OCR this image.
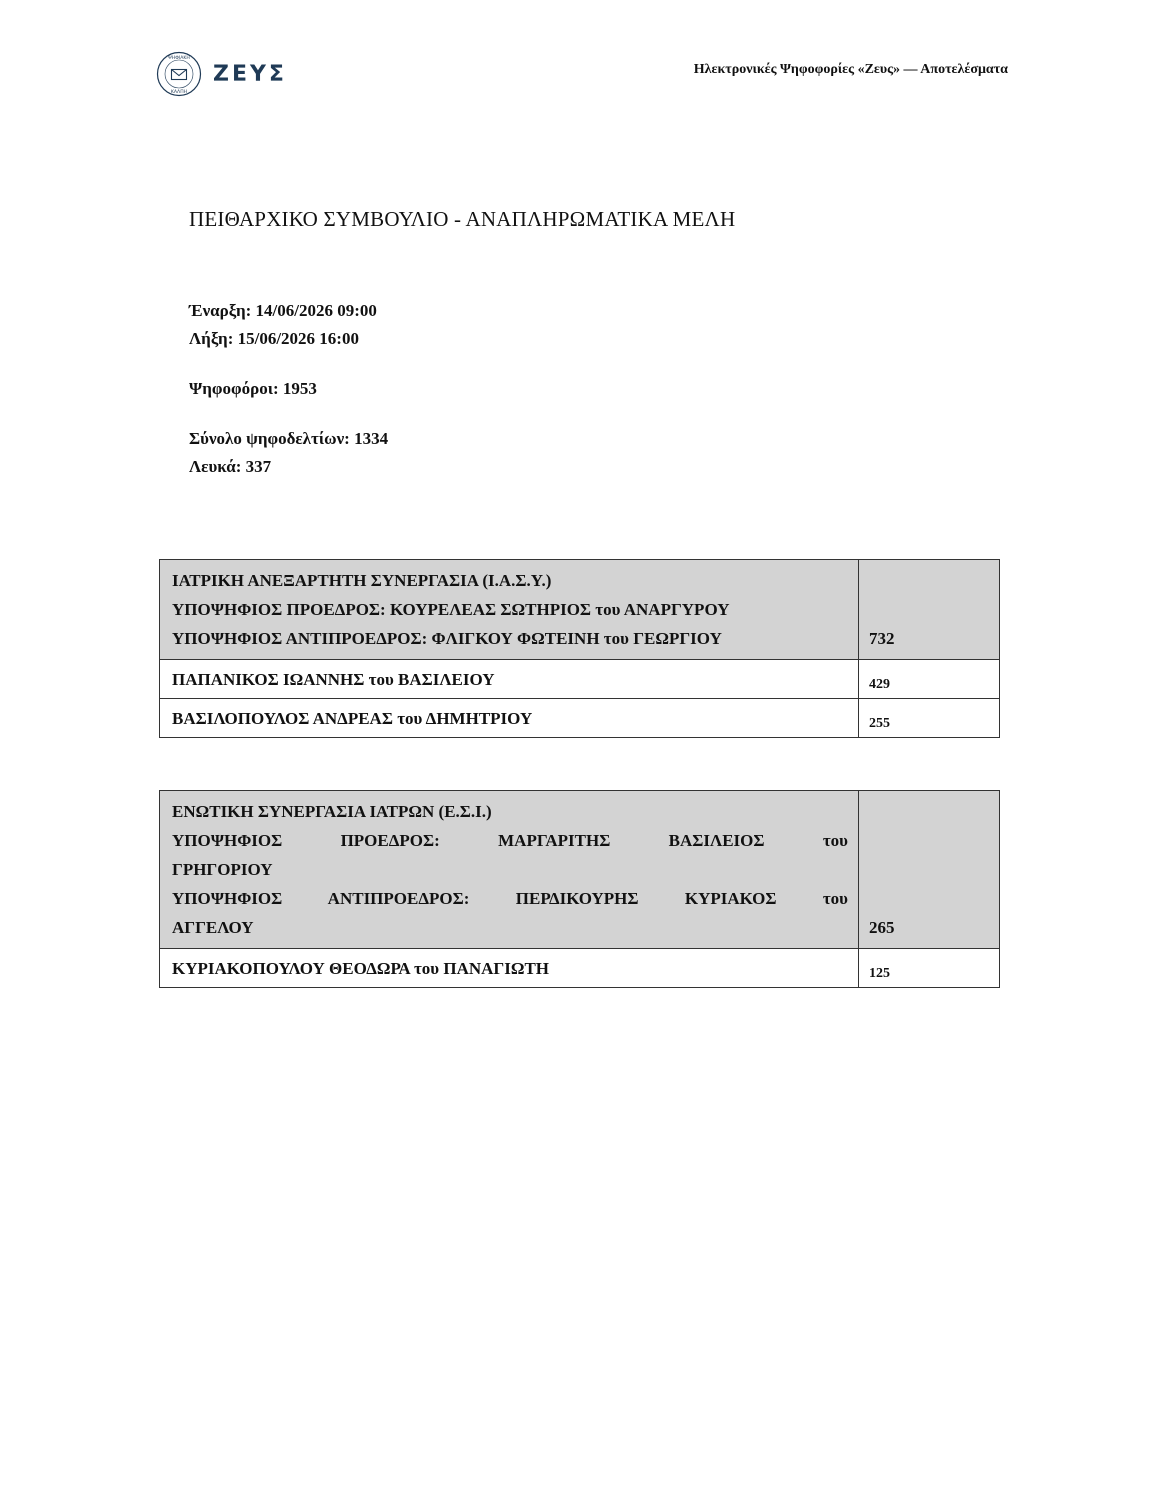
ΨΗΦΙΑΚΗ
ΚΑΛΠΗ
ΖΕΥΣ	Ηλεκτρονικές Ψηφοφορίες «Ζευς» — Αποτελέσματα
ΠΕΙΘΑΡΧΙΚΟ ΣΥΜΒΟΥΛΙΟ - ΑΝΑΠΛΗΡΩΜΑΤΙΚΑ ΜΕΛΗ
Έναρξη: 14/06/2026 09:00
Λήξη: 15/06/2026 16:00
Ψηφοφόροι: 1953
Σύνολο ψηφοδελτίων: 1334
Λευκά: 337
ΙΑΤΡΙΚΗ ΑΝΕΞΑΡΤΗΤΗ ΣΥΝΕΡΓΑΣΙΑ (Ι.Α.Σ.Υ.)
ΥΠΟΨΗΦΙΟΣ ΠΡΟΕΔΡΟΣ: ΚΟΥΡΕΛΕΑΣ ΣΩΤΗΡΙΟΣ του ΑΝΑΡΓΥΡΟΥ
ΥΠΟΨΗΦΙΟΣ ΑΝΤΙΠΡΟΕΔΡΟΣ: ΦΛΙΓΚΟΥ ΦΩΤΕΙΝΗ του ΓΕΩΡΓΙΟΥ	732
ΠΑΠΑΝΙΚΟΣ ΙΩΑΝΝΗΣ του ΒΑΣΙΛΕΙΟΥ	429
ΒΑΣΙΛΟΠΟΥΛΟΣ ΑΝΔΡΕΑΣ του ΔΗΜΗΤΡΙΟΥ	255
ΕΝΩΤΙΚΗ ΣΥΝΕΡΓΑΣΙΑ ΙΑΤΡΩΝ (Ε.Σ.Ι.)
ΥΠΟΨΗΦΙΟΣ ΠΡΟΕΔΡΟΣ: ΜΑΡΓΑΡΙΤΗΣ ΒΑΣΙΛΕΙΟΣ του
ΓΡΗΓΟΡΙΟΥ
ΥΠΟΨΗΦΙΟΣ ΑΝΤΙΠΡΟΕΔΡΟΣ: ΠΕΡΔΙΚΟΥΡΗΣ ΚΥΡΙΑΚΟΣ του
ΑΓΓΕΛΟΥ	265
ΚΥΡΙΑΚΟΠΟΥΛΟΥ ΘΕΟΔΩΡΑ του ΠΑΝΑΓΙΩΤΗ	125
